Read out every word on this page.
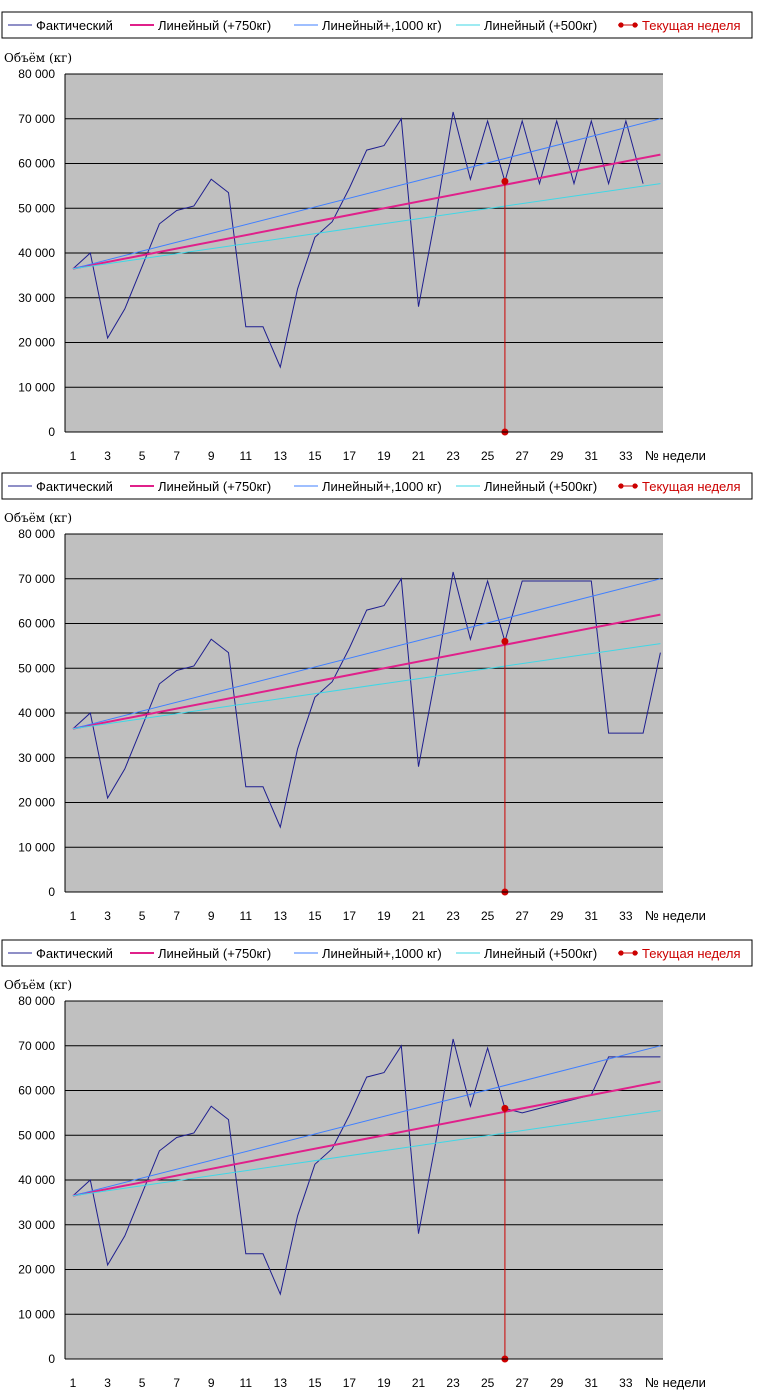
Фактический	Линейный (+750кг)	Линейный+,1000 кг)	Линейный (+500кг)	Текущая неделя
Объём (кг)
0
10 000
20 000
30 000
40 000
50 000
60 000
70 000
80 000
1 3 5 7 9 11 13 15 17 19 21 23 25 27 29 31 33 № недели
Фактический	Линейный (+750кг)	Линейный+,1000 кг)	Линейный (+500кг)	Текущая неделя
Объём (кг)
0
10 000
20 000
30 000
40 000
50 000
60 000
70 000
80 000
1 3 5 7 9 11 13 15 17 19 21 23 25 27 29 31 33 № недели
Фактический	Линейный (+750кг)	Линейный+,1000 кг)	Линейный (+500кг)	Текущая неделя
Объём (кг)
0
10 000
20 000
30 000
40 000
50 000
60 000
70 000
80 000
1 3 5 7 9 11 13 15 17 19 21 23 25 27 29 31 33 № недели
